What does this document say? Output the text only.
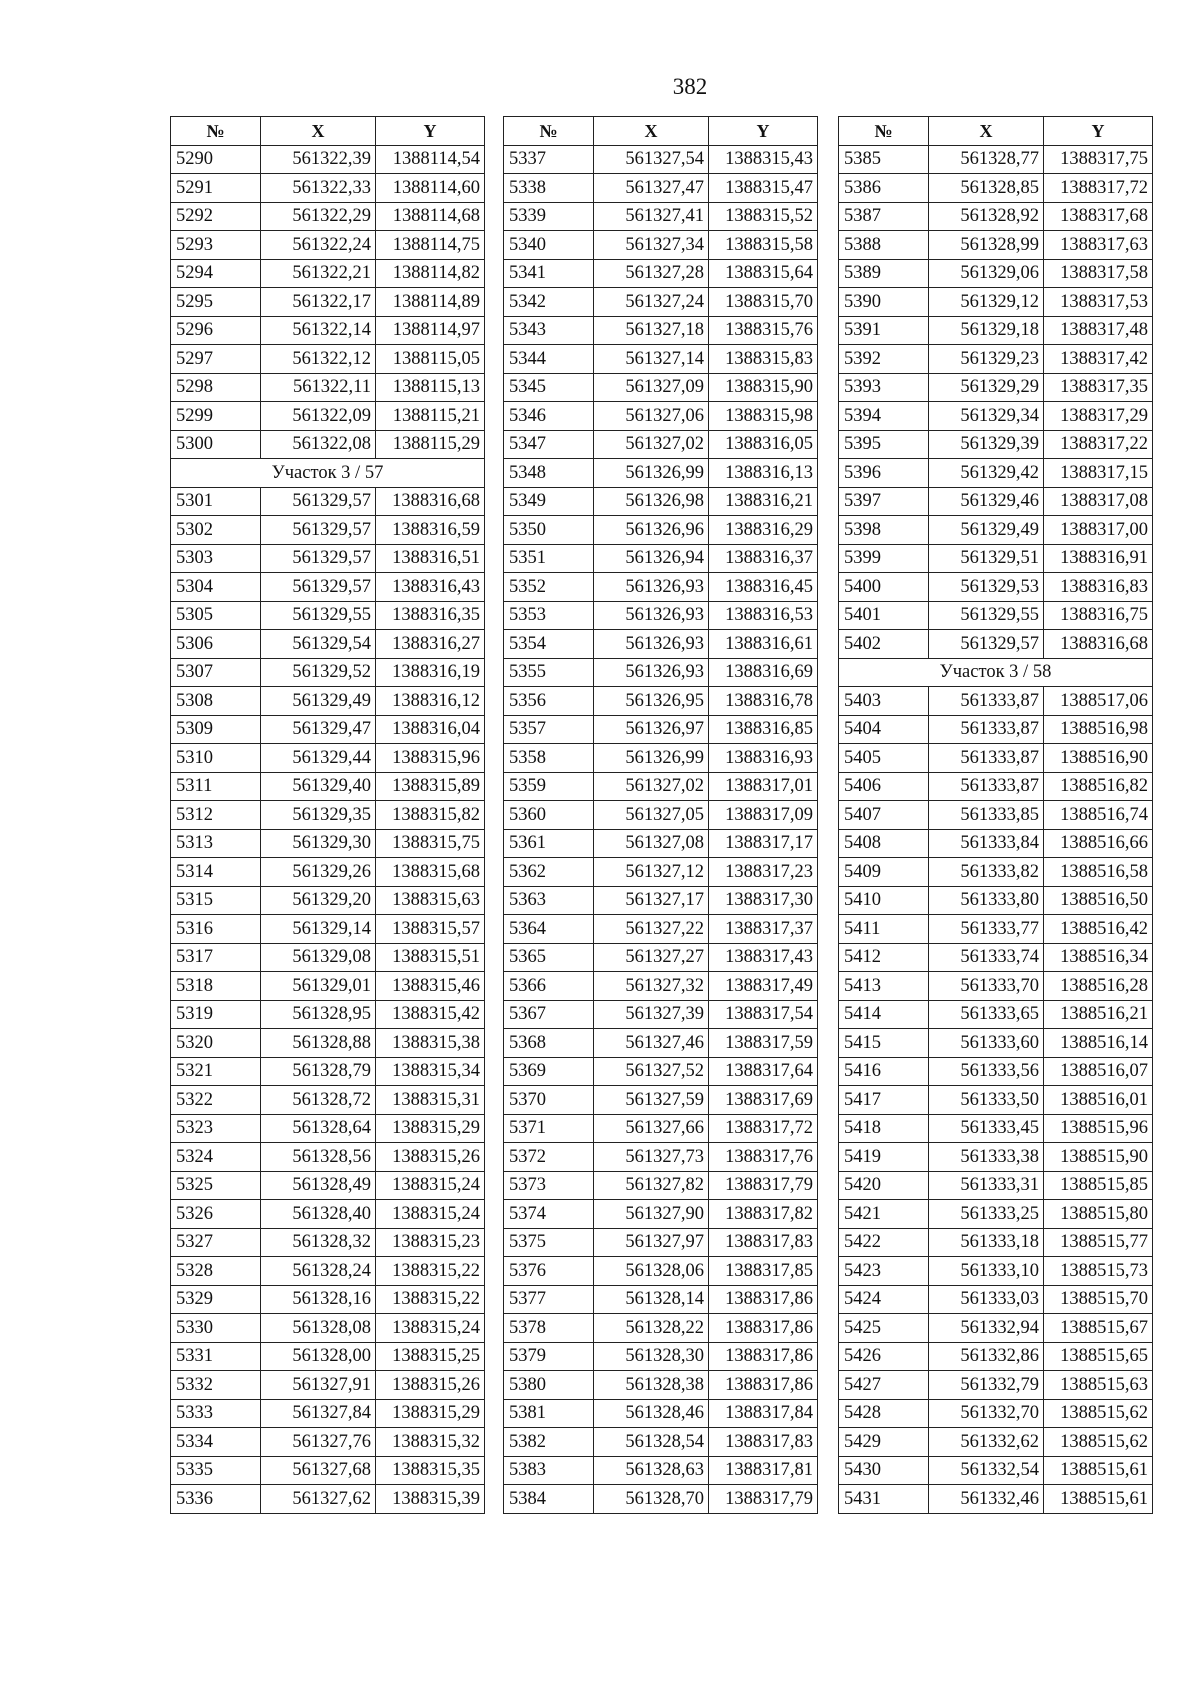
382
№	X	Y
5290	561322,39	1388114,54
5291	561322,33	1388114,60
5292	561322,29	1388114,68
5293	561322,24	1388114,75
5294	561322,21	1388114,82
5295	561322,17	1388114,89
5296	561322,14	1388114,97
5297	561322,12	1388115,05
5298	561322,11	1388115,13
5299	561322,09	1388115,21
5300	561322,08	1388115,29
Участок 3 / 57		
5301	561329,57	1388316,68
5302	561329,57	1388316,59
5303	561329,57	1388316,51
5304	561329,57	1388316,43
5305	561329,55	1388316,35
5306	561329,54	1388316,27
5307	561329,52	1388316,19
5308	561329,49	1388316,12
5309	561329,47	1388316,04
5310	561329,44	1388315,96
5311	561329,40	1388315,89
5312	561329,35	1388315,82
5313	561329,30	1388315,75
5314	561329,26	1388315,68
5315	561329,20	1388315,63
5316	561329,14	1388315,57
5317	561329,08	1388315,51
5318	561329,01	1388315,46
5319	561328,95	1388315,42
5320	561328,88	1388315,38
5321	561328,79	1388315,34
5322	561328,72	1388315,31
5323	561328,64	1388315,29
5324	561328,56	1388315,26
5325	561328,49	1388315,24
5326	561328,40	1388315,24
5327	561328,32	1388315,23
5328	561328,24	1388315,22
5329	561328,16	1388315,22
5330	561328,08	1388315,24
5331	561328,00	1388315,25
5332	561327,91	1388315,26
5333	561327,84	1388315,29
5334	561327,76	1388315,32
5335	561327,68	1388315,35
5336	561327,62	1388315,39
№	X	Y
5337	561327,54	1388315,43
5338	561327,47	1388315,47
5339	561327,41	1388315,52
5340	561327,34	1388315,58
5341	561327,28	1388315,64
5342	561327,24	1388315,70
5343	561327,18	1388315,76
5344	561327,14	1388315,83
5345	561327,09	1388315,90
5346	561327,06	1388315,98
5347	561327,02	1388316,05
5348	561326,99	1388316,13
5349	561326,98	1388316,21
5350	561326,96	1388316,29
5351	561326,94	1388316,37
5352	561326,93	1388316,45
5353	561326,93	1388316,53
5354	561326,93	1388316,61
5355	561326,93	1388316,69
5356	561326,95	1388316,78
5357	561326,97	1388316,85
5358	561326,99	1388316,93
5359	561327,02	1388317,01
5360	561327,05	1388317,09
5361	561327,08	1388317,17
5362	561327,12	1388317,23
5363	561327,17	1388317,30
5364	561327,22	1388317,37
5365	561327,27	1388317,43
5366	561327,32	1388317,49
5367	561327,39	1388317,54
5368	561327,46	1388317,59
5369	561327,52	1388317,64
5370	561327,59	1388317,69
5371	561327,66	1388317,72
5372	561327,73	1388317,76
5373	561327,82	1388317,79
5374	561327,90	1388317,82
5375	561327,97	1388317,83
5376	561328,06	1388317,85
5377	561328,14	1388317,86
5378	561328,22	1388317,86
5379	561328,30	1388317,86
5380	561328,38	1388317,86
5381	561328,46	1388317,84
5382	561328,54	1388317,83
5383	561328,63	1388317,81
5384	561328,70	1388317,79
№	X	Y
5385	561328,77	1388317,75
5386	561328,85	1388317,72
5387	561328,92	1388317,68
5388	561328,99	1388317,63
5389	561329,06	1388317,58
5390	561329,12	1388317,53
5391	561329,18	1388317,48
5392	561329,23	1388317,42
5393	561329,29	1388317,35
5394	561329,34	1388317,29
5395	561329,39	1388317,22
5396	561329,42	1388317,15
5397	561329,46	1388317,08
5398	561329,49	1388317,00
5399	561329,51	1388316,91
5400	561329,53	1388316,83
5401	561329,55	1388316,75
5402	561329,57	1388316,68
Участок 3 / 58		
5403	561333,87	1388517,06
5404	561333,87	1388516,98
5405	561333,87	1388516,90
5406	561333,87	1388516,82
5407	561333,85	1388516,74
5408	561333,84	1388516,66
5409	561333,82	1388516,58
5410	561333,80	1388516,50
5411	561333,77	1388516,42
5412	561333,74	1388516,34
5413	561333,70	1388516,28
5414	561333,65	1388516,21
5415	561333,60	1388516,14
5416	561333,56	1388516,07
5417	561333,50	1388516,01
5418	561333,45	1388515,96
5419	561333,38	1388515,90
5420	561333,31	1388515,85
5421	561333,25	1388515,80
5422	561333,18	1388515,77
5423	561333,10	1388515,73
5424	561333,03	1388515,70
5425	561332,94	1388515,67
5426	561332,86	1388515,65
5427	561332,79	1388515,63
5428	561332,70	1388515,62
5429	561332,62	1388515,62
5430	561332,54	1388515,61
5431	561332,46	1388515,61
